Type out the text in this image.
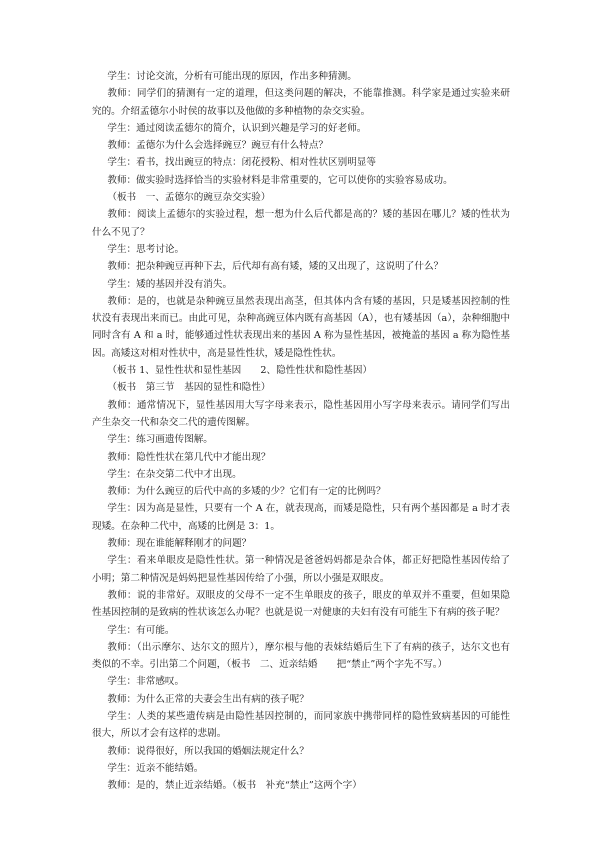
学生：讨论交流，分析有可能出现的原因，作出多种猜测。

教师：同学们的猜测有一定的道理，但这类问题的解决，不能靠推测。科学家是通过实验来研究的。介绍孟德尔小时侯的故事以及他做的多种植物的杂交实验。

学生：通过阅读孟德尔的简介，认识到兴趣是学习的好老师。

教师：孟德尔为什么会选择豌豆？豌豆有什么特点？

学生：看书，找出豌豆的特点：闭花授粉、相对性状区别明显等

教师：做实验时选择恰当的实验材料是非常重要的，它可以使你的实验容易成功。

（板书　一、孟德尔的豌豆杂交实验）

教师：阅读上孟德尔的实验过程，想一想为什么后代都是高的？矮的基因在哪儿？矮的性状为什么不见了？

学生：思考讨论。

教师：把杂种豌豆再种下去，后代却有高有矮，矮的又出现了，这说明了什么？

学生：矮的基因并没有消失。

教师：是的，也就是杂种豌豆虽然表现出高茎，但其体内含有矮的基因，只是矮基因控制的性状没有表现出来而已。由此可见，杂种高豌豆体内既有高基因（A），也有矮基因（a），杂种细胞中同时含有 A 和 a 时，能够通过性状表现出来的基因 A 称为显性基因，被掩盖的基因 a 称为隐性基因。高矮这对相对性状中，高是显性性状，矮是隐性性状。

（板书 1、显性性状和显性基因　　2、隐性性状和隐性基因）

（板书　第三节　基因的显性和隐性）

教师：通常情况下，显性基因用大写字母来表示，隐性基因用小写字母来表示。请同学们写出产生杂交一代和杂交二代的遗传图解。

学生：练习画遗传图解。

教师：隐性性状在第几代中才能出现？

学生：在杂交第二代中才出现。

教师：为什么豌豆的后代中高的多矮的少？它们有一定的比例吗？

学生：因为高是显性，只要有一个 A 在，就表现高，而矮是隐性，只有两个基因都是 a 时才表现矮。在杂种二代中，高矮的比例是 3：1。

教师：现在谁能解释刚才的问题？

学生：看来单眼皮是隐性性状。第一种情况是爸爸妈妈都是杂合体，都正好把隐性基因传给了小明；第二种情况是妈妈把显性基因传给了小强，所以小强是双眼皮。

教师：说的非常好。双眼皮的父母不一定不生单眼皮的孩子，眼皮的单双并不重要，但如果隐性基因控制的是致病的性状该怎么办呢？也就是说一对健康的夫妇有没有可能生下有病的孩子呢？

学生：有可能。

教师：（出示摩尔、达尔文的照片），摩尔根与他的表妹结婚后生下了有病的孩子，达尔文也有类似的不幸。引出第二个问题，（板书　二、近亲结婚　　把“禁止”两个字先不写。）

学生：非常感叹。

教师：为什么正常的夫妻会生出有病的孩子呢？

学生：人类的某些遗传病是由隐性基因控制的，而同家族中携带同样的隐性致病基因的可能性很大，所以才会有这样的悲剧。

教师：说得很好，所以我国的婚姻法规定什么？

学生：近亲不能结婚。

教师：是的，禁止近亲结婚。（板书　补充“禁止”这两个字）
